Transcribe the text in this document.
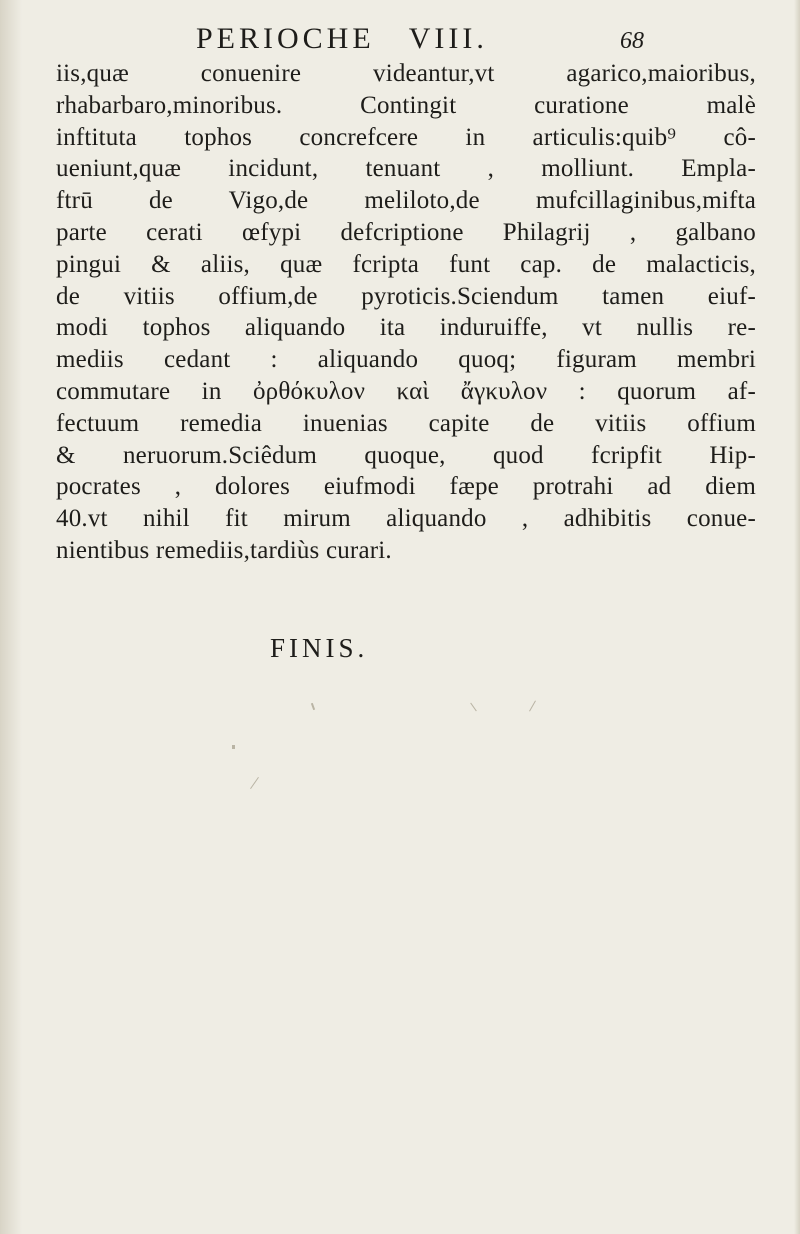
PERIOCHE VIII.	68
iis,quæ conuenire videantur,vt agarico,maioribus,
rhabarbaro,minoribus. Contingit curatione malè
inftituta tophos concrefcere in articulis:quib⁹ cô-
ueniunt,quæ incidunt, tenuant , molliunt. Empla-
ftrū de Vigo,de meliloto,de mufcillaginibus,mifta
parte cerati œfypi defcriptione Philagrij , galbano
pingui & aliis, quæ fcripta funt cap. de malacticis,
de vitiis offium,de pyroticis.Sciendum tamen eiuf-
modi tophos aliquando ita induruiffe, vt nullis re-
mediis cedant : aliquando quoq; figuram membri
commutare in ὀρθόκυλον καὶ ἄγκυλον : quorum af-
fectuum remedia inuenias capite de vitiis offium
& neruorum.Sciêdum quoque, quod fcripfit Hip-
pocrates , dolores eiufmodi fæpe protrahi ad diem
40.vt nihil fit mirum aliquando , adhibitis conue-
nientibus remediis,tardiùs curari.
FINIS.
